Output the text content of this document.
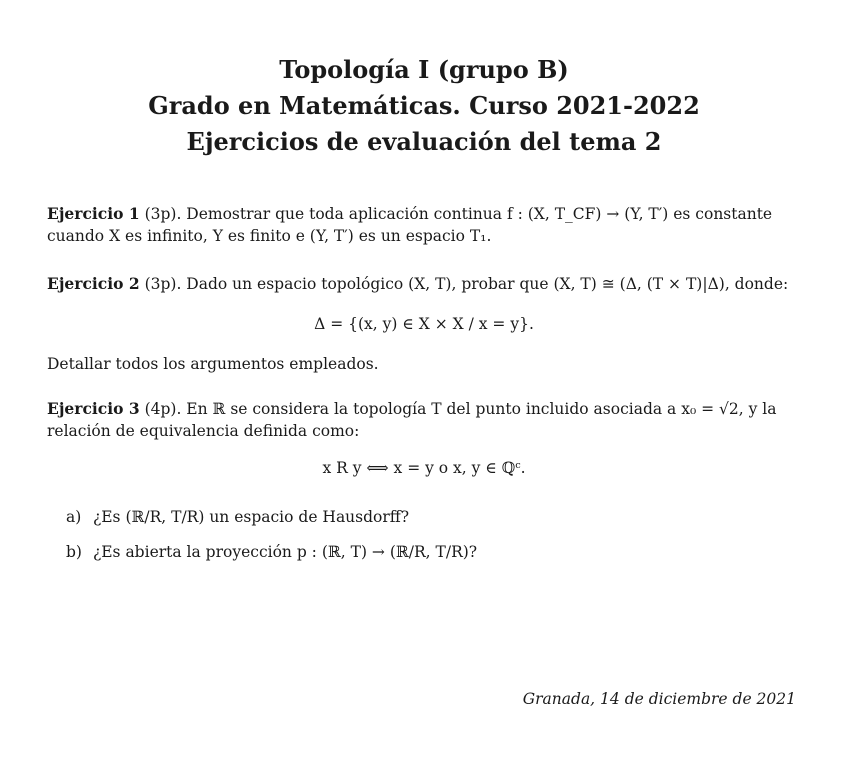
Topología I (grupo B)
Grado en Matemáticas. Curso 2021-2022
Ejercicios de evaluación del tema 2

Ejercicio 1 (3p). Demostrar que toda aplicación continua f : (X, T_CF) → (Y, T′) es constante cuando X es infinito, Y es finito e (Y, T′) es un espacio T₁.

Ejercicio 2 (3p). Dado un espacio topológico (X, T), probar que (X, T) ≅ (Δ, (T × T)|Δ), donde:

Δ = {(x, y) ∈ X × X / x = y}.
Detallar todos los argumentos empleados.

Ejercicio 3 (4p). En ℝ se considera la topología T del punto incluido asociada a x₀ = √2, y la relación de equivalencia definida como:

x R y ⟺ x = y o x, y ∈ ℚᶜ.
a) ¿Es (ℝ/R, T/R) un espacio de Hausdorff?
b) ¿Es abierta la proyección p : (ℝ, T) → (ℝ/R, T/R)?
Granada, 14 de diciembre de 2021
